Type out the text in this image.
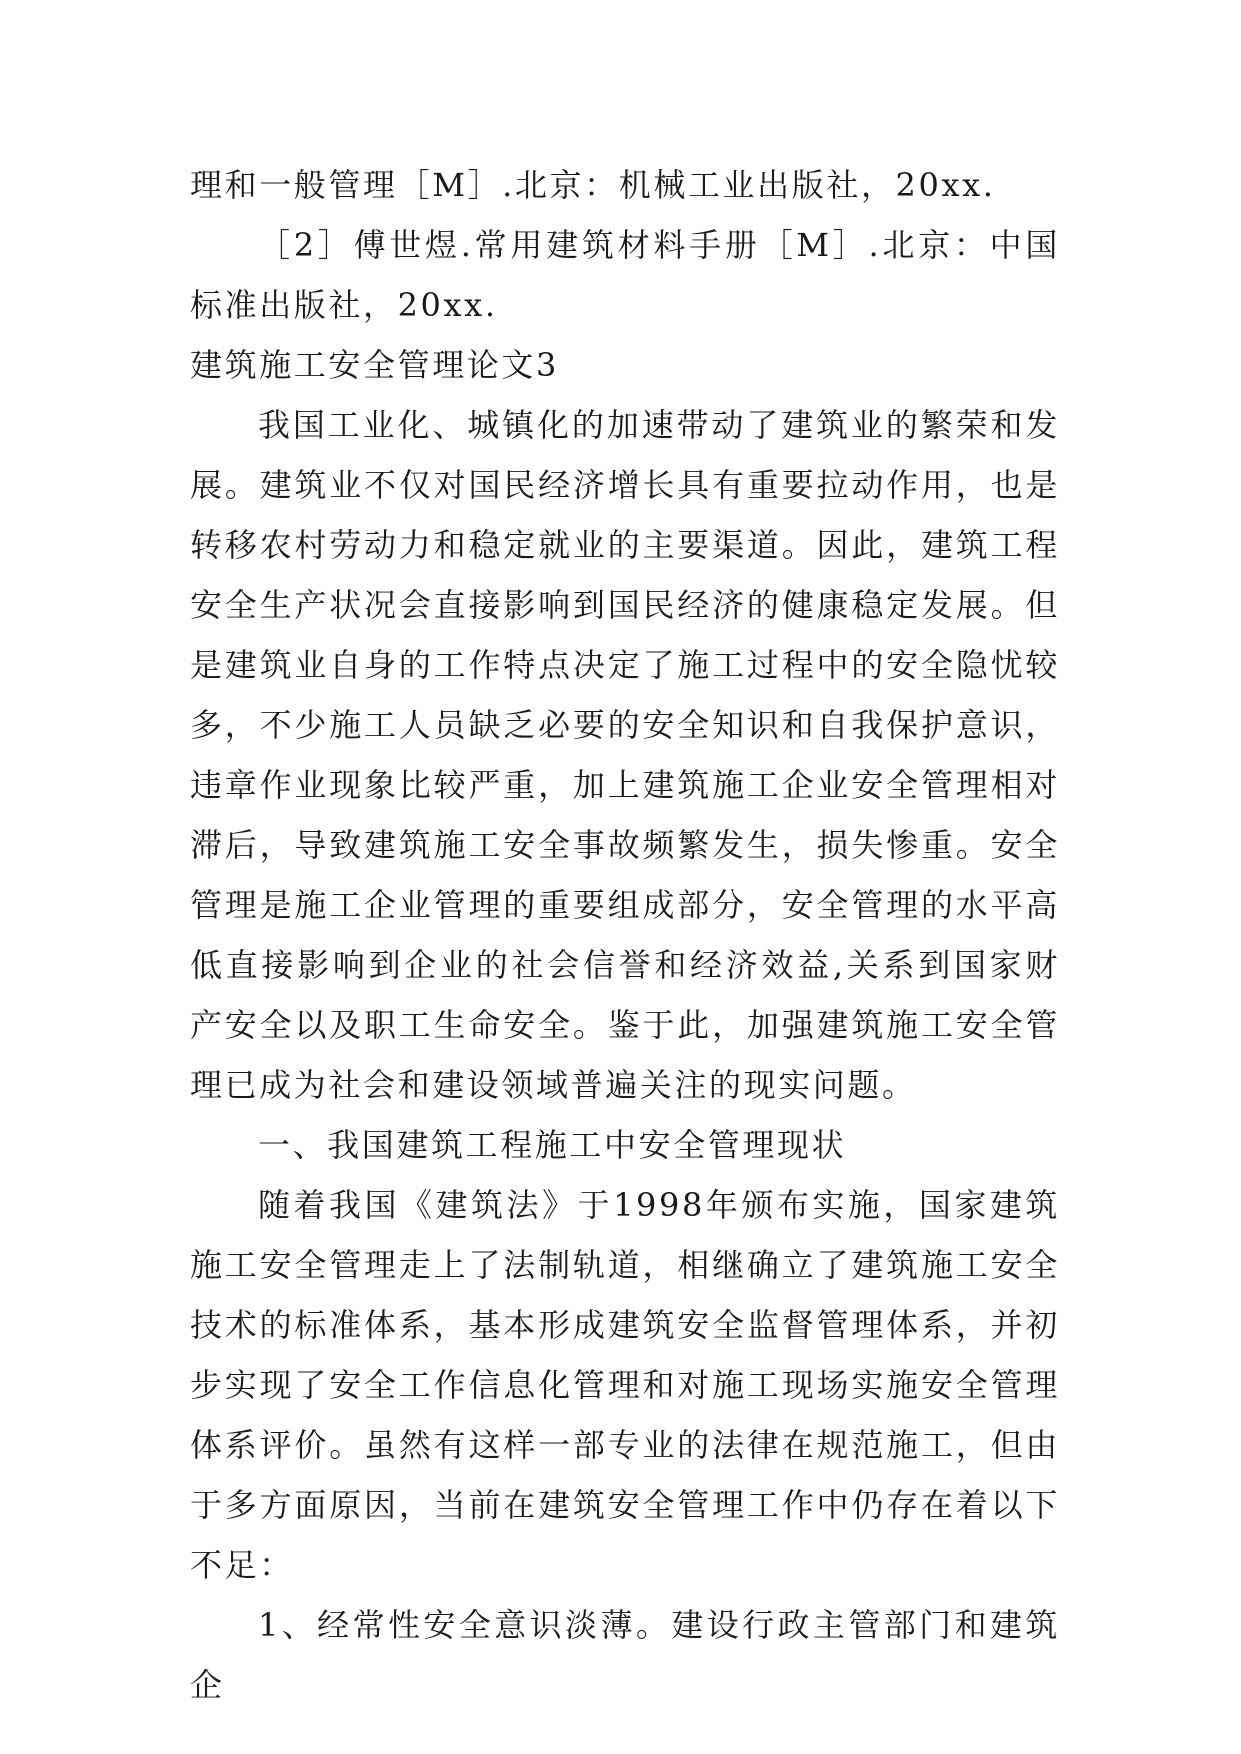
理和一般管理［M］.北京：机械工业出版社，20xx.

［2］傅世煜.常用建筑材料手册［M］.北京：中国标准出版社，20xx.

建筑施工安全管理论文3

我国工业化、城镇化的加速带动了建筑业的繁荣和发展。建筑业不仅对国民经济增长具有重要拉动作用，也是转移农村劳动力和稳定就业的主要渠道。因此，建筑工程安全生产状况会直接影响到国民经济的健康稳定发展。但是建筑业自身的工作特点决定了施工过程中的安全隐忧较多，不少施工人员缺乏必要的安全知识和自我保护意识，违章作业现象比较严重，加上建筑施工企业安全管理相对滞后，导致建筑施工安全事故频繁发生，损失惨重。安全管理是施工企业管理的重要组成部分，安全管理的水平高低直接影响到企业的社会信誉和经济效益,关系到国家财产安全以及职工生命安全。鉴于此，加强建筑施工安全管理已成为社会和建设领域普遍关注的现实问题。

一、我国建筑工程施工中安全管理现状

随着我国《建筑法》于1998年颁布实施，国家建筑施工安全管理走上了法制轨道，相继确立了建筑施工安全技术的标准体系，基本形成建筑安全监督管理体系，并初步实现了安全工作信息化管理和对施工现场实施安全管理体系评价。虽然有这样一部专业的法律在规范施工，但由于多方面原因，当前在建筑安全管理工作中仍存在着以下不足：

1、经常性安全意识淡薄。建设行政主管部门和建筑企
